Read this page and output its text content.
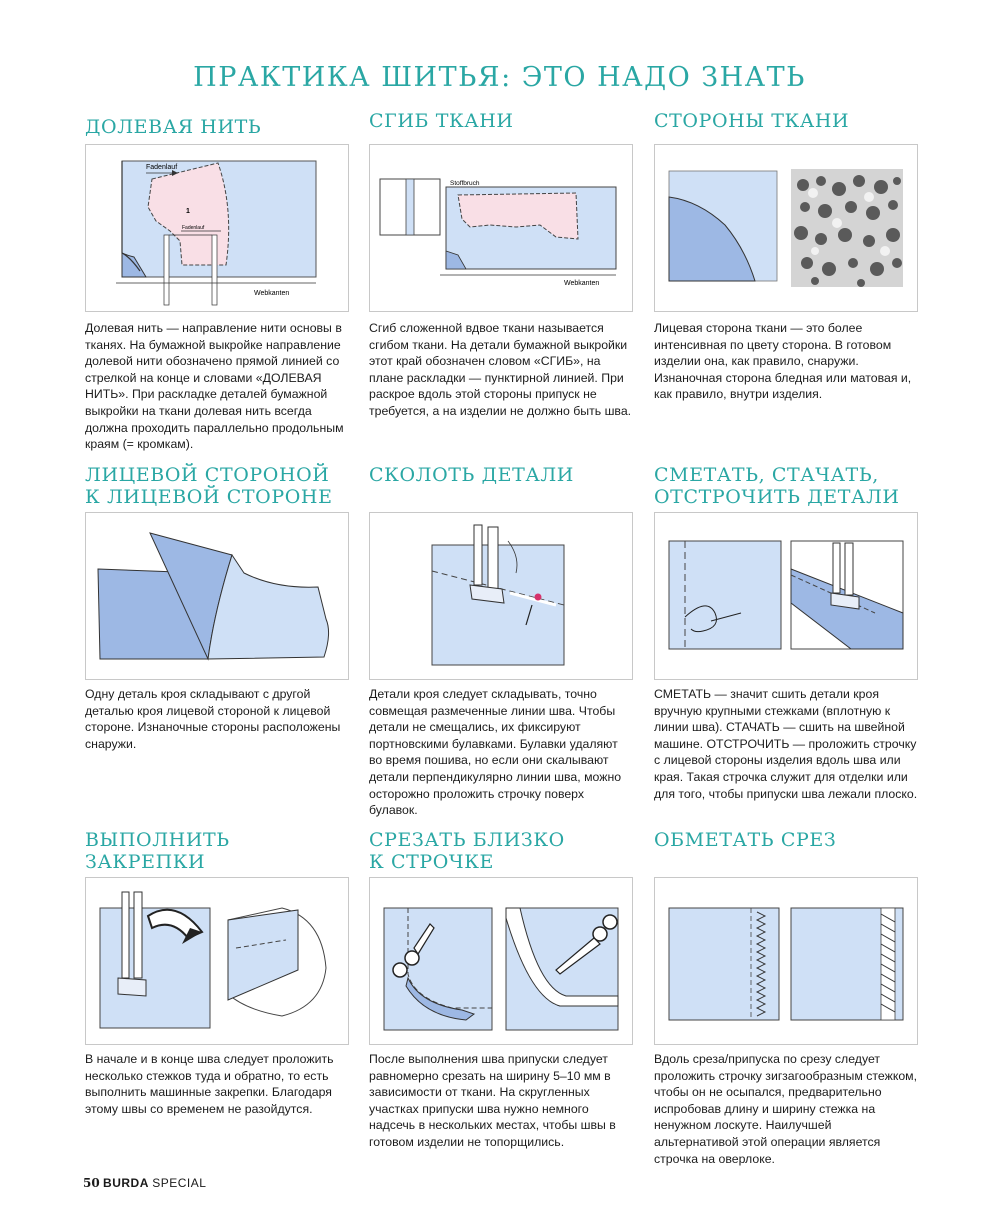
ПРАКТИКА ШИТЬЯ: ЭТО НАДО ЗНАТЬ
ДОЛЕВАЯ НИТЬ
1
Fadenlauf
Fadenlauf
Webkanten

Долевая нить — направление нити основы в тканях. На бумажной выкройке направление долевой нити обозначено прямой линией со стрелкой на конце и словами «ДОЛЕВАЯ НИТЬ». При раскладке деталей бумажной выкройки на ткани долевая нить всегда должна проходить параллельно продольным краям (= кромкам).

СГИБ ТКАНИ
Stoffbruch
Webkanten

Сгиб сложенной вдвое ткани называется сгибом ткани. На детали бумажной выкройки этот край обозначен словом «СГИБ», на плане раскладки — пунктирной линией. При раскрое вдоль этой стороны припуск не требуется, а на изделии не должно быть шва.

СТОРОНЫ ТКАНИ

Лицевая сторона ткани — это более интенсивная по цвету сторона. В готовом изделии она, как правило, снаружи. Изнаночная сторона бледная или матовая и, как правило, внутри изделия.

ЛИЦЕВОЙ СТОРОНОЙ
К ЛИЦЕВОЙ СТОРОНЕ

Одну деталь кроя складывают с другой деталью кроя лицевой стороной к лицевой стороне. Изнаночные стороны расположены снаружи.

СКОЛОТЬ ДЕТАЛИ

Детали кроя следует складывать, точно совмещая размеченные линии шва. Чтобы детали не смещались, их фиксируют портновскими булавками. Булавки удаляют во время пошива, но если они скалывают детали перпендикулярно линии шва, можно осторожно проложить строчку поверх булавок.

СМЕТАТЬ, СТАЧАТЬ,
ОТСТРОЧИТЬ ДЕТАЛИ

СМЕТАТЬ — значит сшить детали кроя вручную крупными стежками (вплотную к линии шва). СТАЧАТЬ — сшить на швейной машине. ОТСТРОЧИТЬ — проложить строчку с лицевой стороны изделия вдоль шва или края. Такая строчка служит для отделки или для того, чтобы припуски шва лежали плоско.

ВЫПОЛНИТЬ ЗАКРЕПКИ

В начале и в конце шва следует проложить несколько стежков туда и обратно, то есть выполнить машинные закрепки. Благодаря этому швы со временем не разойдутся.

СРЕЗАТЬ БЛИЗКО
К СТРОЧКЕ

После выполнения шва припуски следует равномерно срезать на ширину 5–10 мм в зависимости от ткани. На скругленных участках припуски шва нужно немного надсечь в нескольких местах, чтобы швы в готовом изделии не топорщились.

ОБМЕТАТЬ СРЕЗ

Вдоль среза/припуска по срезу следует проложить строчку зигзагообразным стежком, чтобы он не осыпался, предварительно испробовав длину и ширину стежка на ненужном лоскуте. Наилучшей альтернативой этой операции является строчка на оверлоке.

50 BURDA SPECIAL
